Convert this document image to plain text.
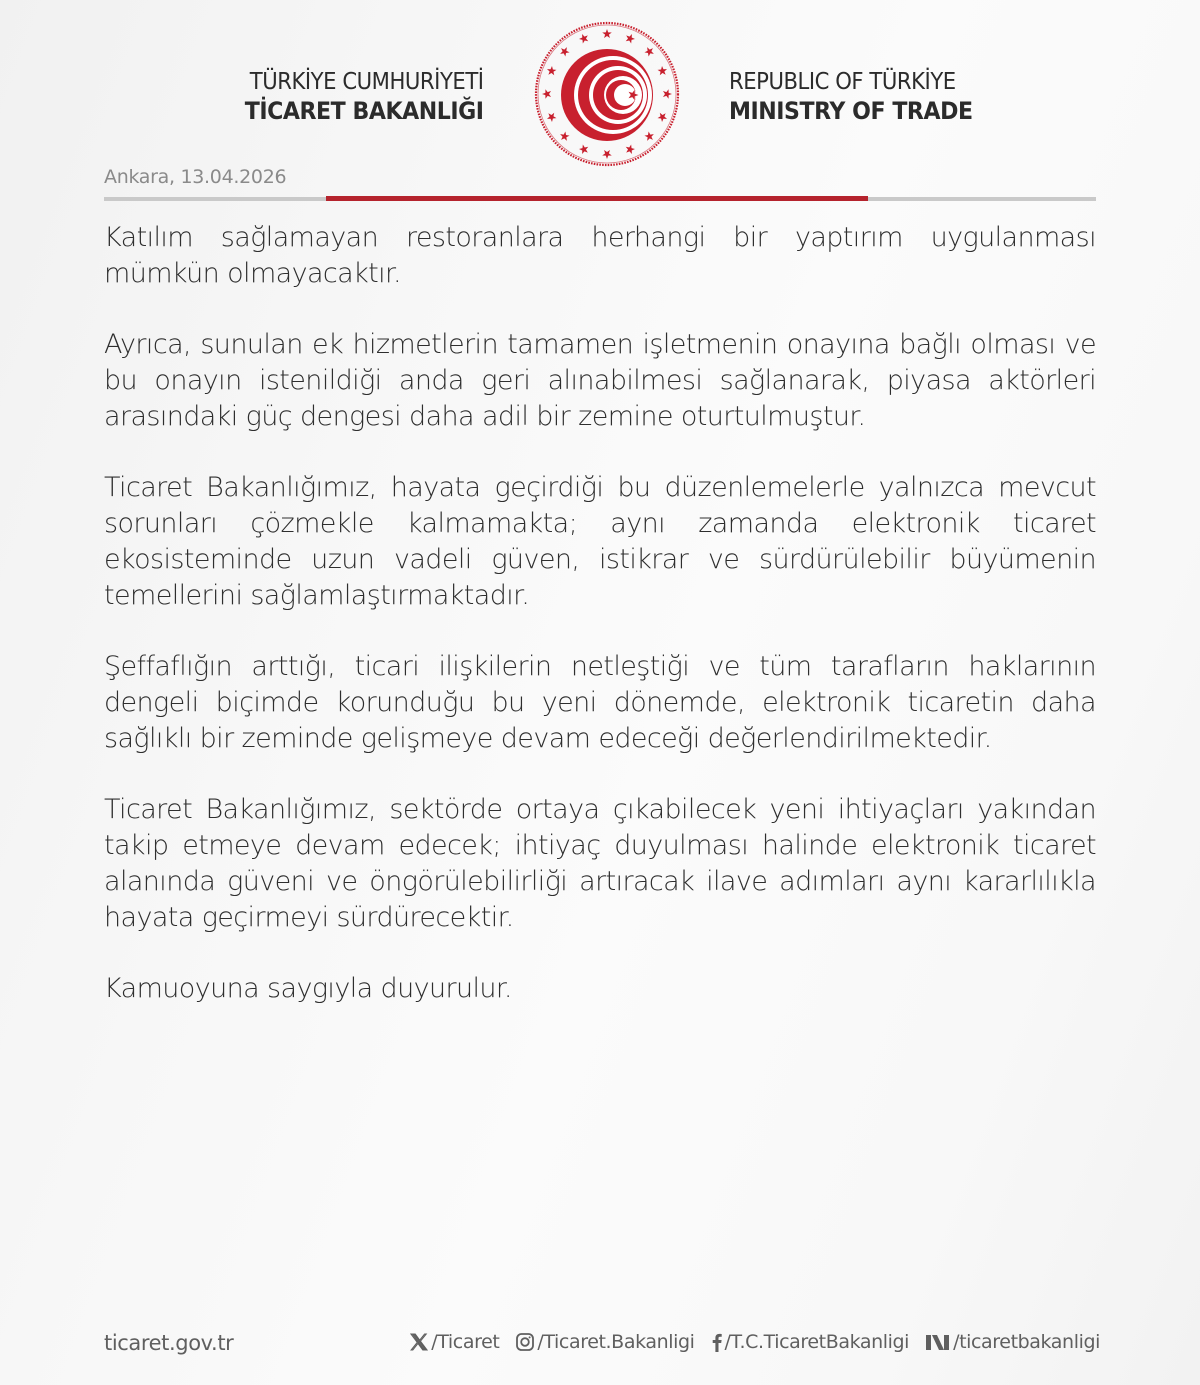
TÜRKİYE CUMHURİYETİ
TİCARET BAKANLIĞI
REPUBLIC OF TÜRKİYE
MINISTRY OF TRADE
Ankara, 13.04.2026

Katılım sağlamayan restoranlara herhangi bir yaptırım uygulanması mümkün olmayacaktır.

Ayrıca, sunulan ek hizmetlerin tamamen işletmenin onayına bağlı olması ve bu onayın istenildiği anda geri alınabilmesi sağlanarak, piyasa aktörleri arasındaki güç dengesi daha adil bir zemine oturtulmuştur.

Ticaret Bakanlığımız, hayata geçirdiği bu düzenlemelerle yalnızca mevcut sorunları çözmekle kalmamakta; aynı zamanda elektronik ticaret ekosisteminde uzun vadeli güven, istikrar ve sürdürülebilir büyümenin temellerini sağlamlaştırmaktadır.

Şeffaflığın arttığı, ticari ilişkilerin netleştiği ve tüm tarafların haklarının dengeli biçimde korunduğu bu yeni dönemde, elektronik ticaretin daha sağlıklı bir zeminde gelişmeye devam edeceği değerlendirilmektedir.

Ticaret Bakanlığımız, sektörde ortaya çıkabilecek yeni ihtiyaçları yakından takip etmeye devam edecek; ihtiyaç duyulması halinde elektronik ticaret alanında güveni ve öngörülebilirliği artıracak ilave adımları aynı kararlılıkla hayata geçirmeyi sürdürecektir.

Kamuoyuna saygıyla duyurulur.

ticaret.gov.tr	/Ticaret /Ticaret.Bakanligi /T.C.TicaretBakanligi /ticaretbakanligi
